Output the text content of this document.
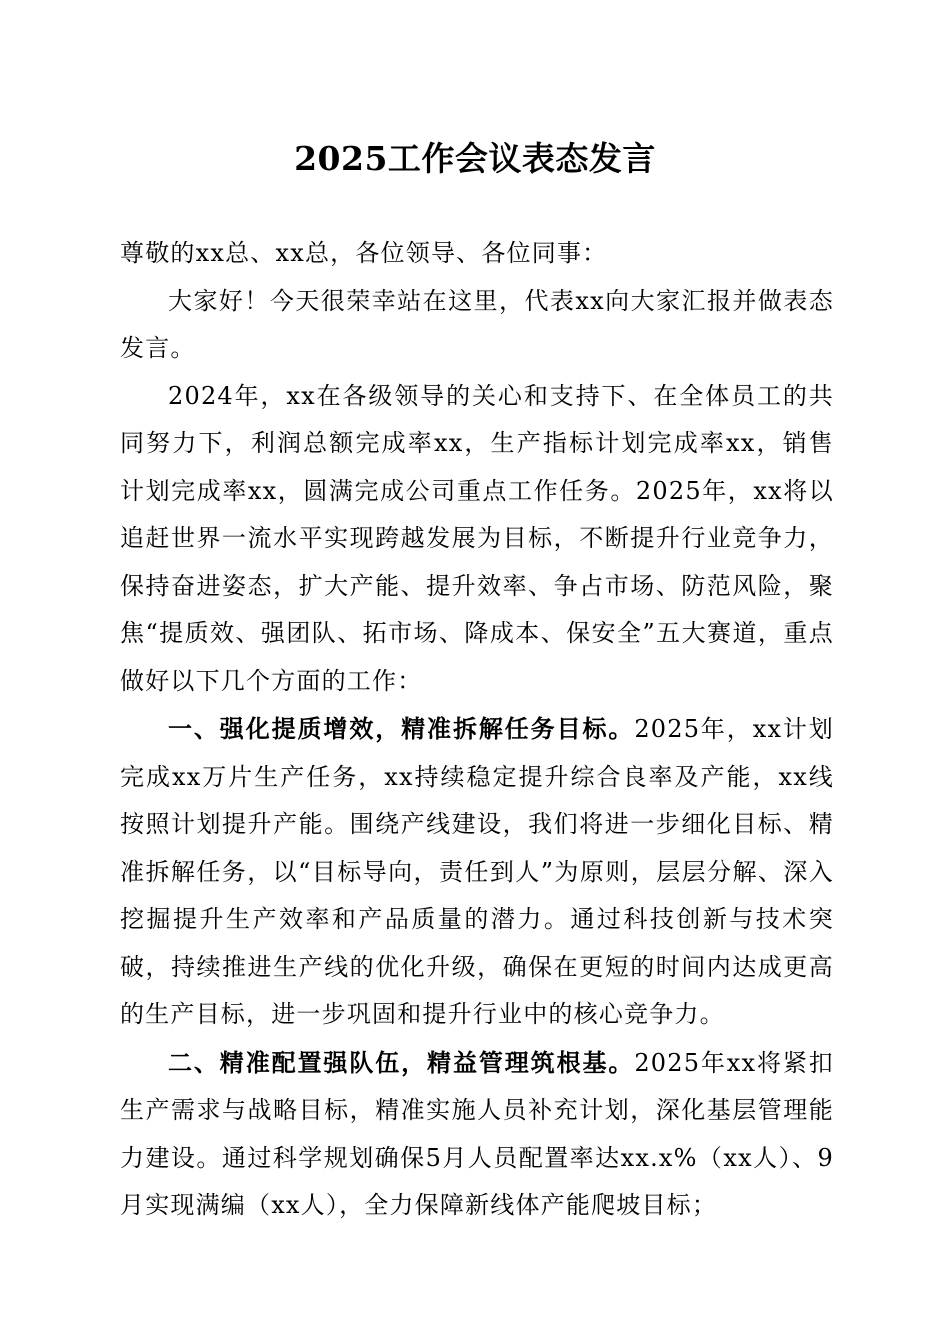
2025工作会议表态发言

尊敬的xx总、xx总，各位领导、各位同事：

大家好！今天很荣幸站在这里，代表xx向大家汇报并做表态发言。

2024年，xx在各级领导的关心和支持下、在全体员工的共同努力下，利润总额完成率xx，生产指标计划完成率xx，销售计划完成率xx，圆满完成公司重点工作任务。2025年，xx将以追赶世界一流水平实现跨越发展为目标，不断提升行业竞争力，保持奋进姿态，扩大产能、提升效率、争占市场、防范风险，聚焦“提质效、强团队、拓市场、降成本、保安全”五大赛道，重点做好以下几个方面的工作：

一、强化提质增效，精准拆解任务目标。2025年，xx计划完成xx万片生产任务，xx持续稳定提升综合良率及产能，xx线按照计划提升产能。围绕产线建设，我们将进一步细化目标、精准拆解任务，以“目标导向，责任到人”为原则，层层分解、深入挖掘提升生产效率和产品质量的潜力。通过科技创新与技术突破，持续推进生产线的优化升级，确保在更短的时间内达成更高的生产目标，进一步巩固和提升行业中的核心竞争力。

二、精准配置强队伍，精益管理筑根基。2025年xx将紧扣生产需求与战略目标，精准实施人员补充计划，深化基层管理能力建设。通过科学规划确保5月人员配置率达xx.x%（xx人）、9月实现满编（xx人），全力保障新线体产能爬坡目标；
